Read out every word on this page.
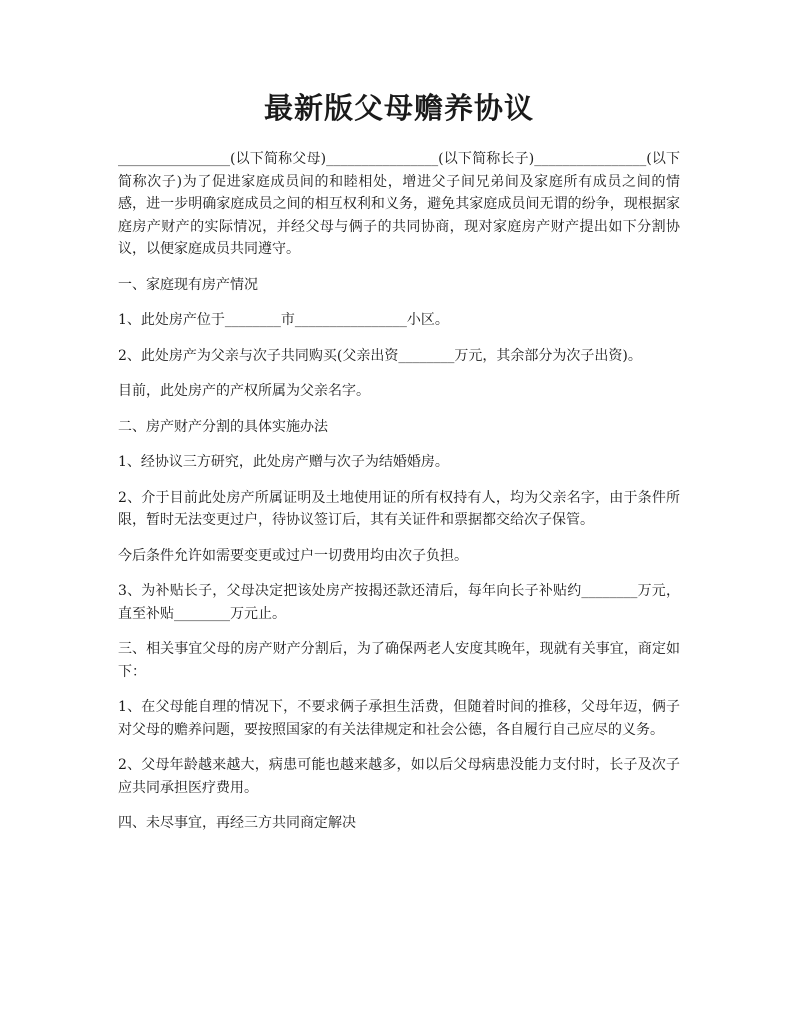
最新版父母赡养协议

________________(以下简称父母)________________(以下简称长子)________________(以下简称次子)为了促进家庭成员间的和睦相处，增进父子间兄弟间及家庭所有成员之间的情感，进一步明确家庭成员之间的相互权利和义务，避免其家庭成员间无谓的纷争，现根据家庭房产财产的实际情况，并经父母与俩子的共同协商，现对家庭房产财产提出如下分割协议，以便家庭成员共同遵守。

一、家庭现有房产情况

1、此处房产位于________市________________小区。

2、此处房产为父亲与次子共同购买(父亲出资________万元，其余部分为次子出资)。

目前，此处房产的产权所属为父亲名字。

二、房产财产分割的具体实施办法

1、经协议三方研究，此处房产赠与次子为结婚婚房。

2、介于目前此处房产所属证明及土地使用证的所有权持有人，均为父亲名字，由于条件所限，暂时无法变更过户，待协议签订后，其有关证件和票据都交给次子保管。

今后条件允许如需要变更或过户一切费用均由次子负担。

3、为补贴长子，父母决定把该处房产按揭还款还清后，每年向长子补贴约________万元，直至补贴________万元止。

三、相关事宜父母的房产财产分割后，为了确保两老人安度其晚年，现就有关事宜，商定如下：

1、在父母能自理的情况下，不要求俩子承担生活费，但随着时间的推移，父母年迈，俩子对父母的赡养问题，要按照国家的有关法律规定和社会公德，各自履行自己应尽的义务。

2、父母年龄越来越大，病患可能也越来越多，如以后父母病患没能力支付时，长子及次子应共同承担医疗费用。

四、未尽事宜，再经三方共同商定解决
